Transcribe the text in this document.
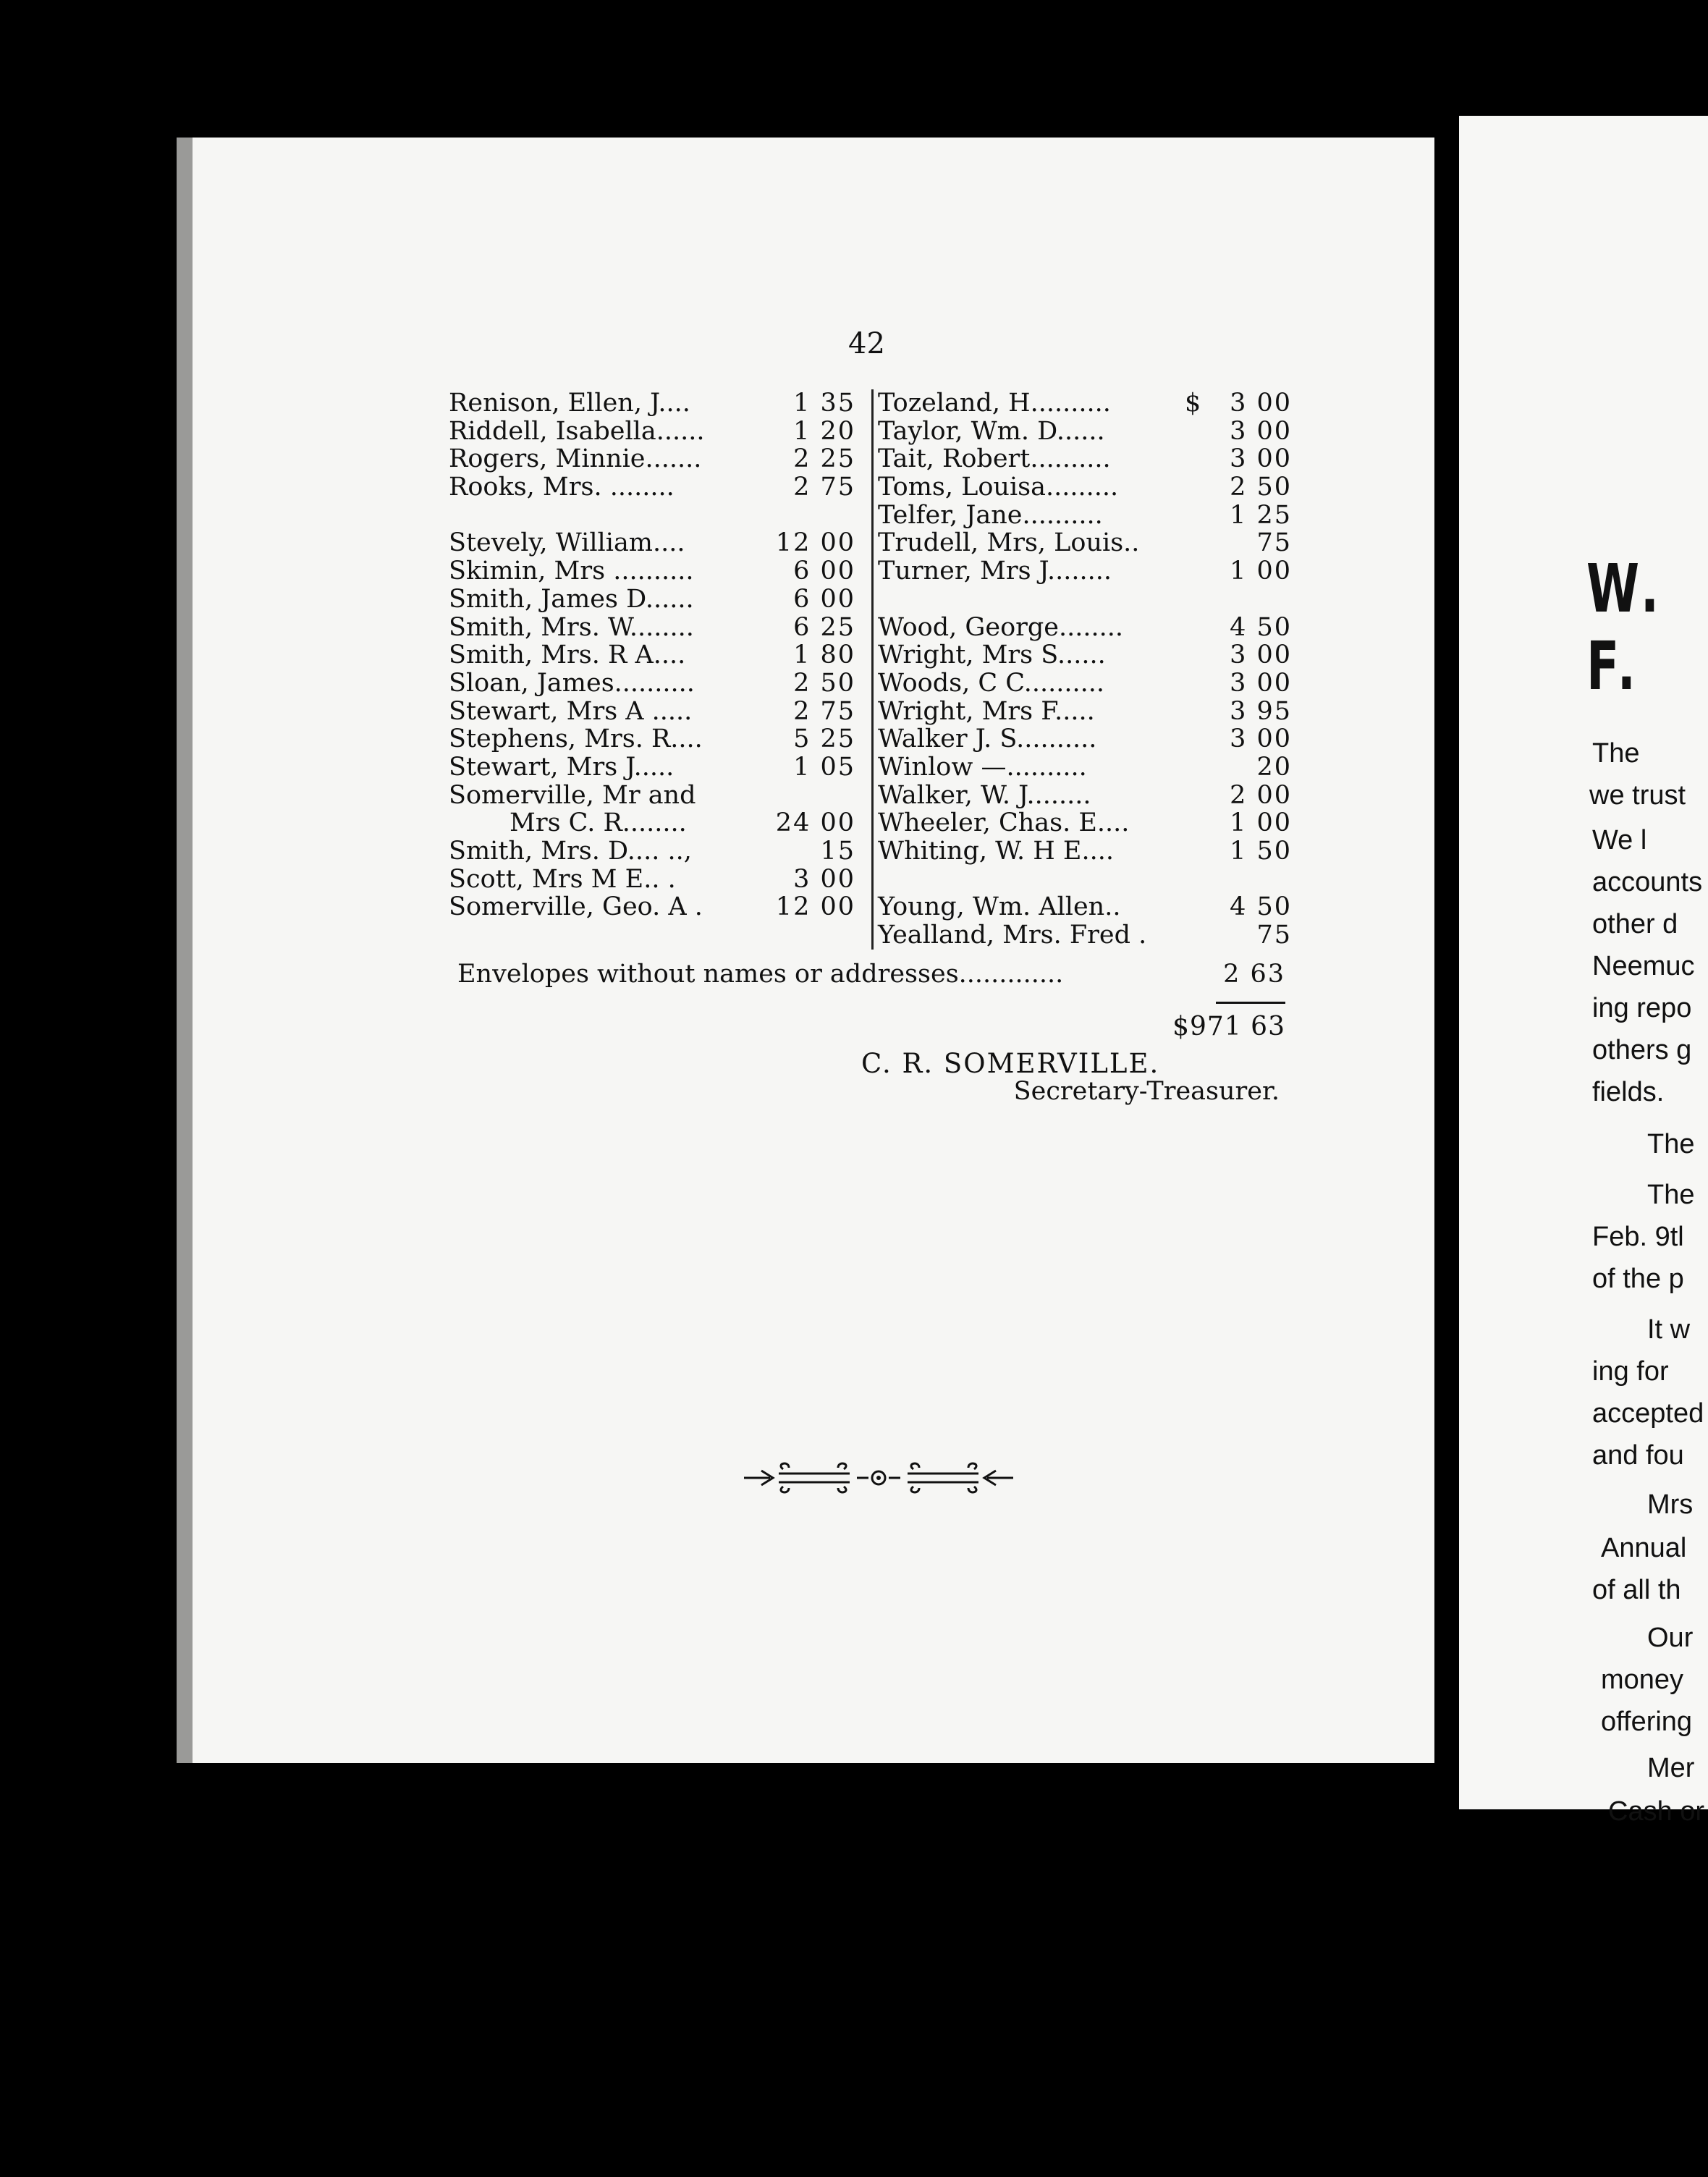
42
Renison, Ellen, J....	1 35
Riddell, Isabella......	1 20
Rogers, Minnie.......	2 25
Rooks, Mrs. ........	2 75
Stevely, William....	12 00
Skimin, Mrs ..........	6 00
Smith, James D......	6 00
Smith, Mrs. W........	6 25
Smith, Mrs. R A....	1 80
Sloan, James..........	2 50
Stewart, Mrs A .....	2 75
Stephens, Mrs. R....	5 25
Stewart, Mrs J.....	1 05
Somerville, Mr and
Mrs C. R........	24 00
Smith, Mrs. D.... ..,	15
Scott, Mrs M E.. .	3 00
Somerville, Geo. A .	12 00
Tozeland, H..........	$ 3 00
Taylor, Wm. D......	3 00
Tait, Robert..........	3 00
Toms, Louisa.........	2 50
Telfer, Jane..........	1 25
Trudell, Mrs, Louis..	75
Turner, Mrs J........	1 00
Wood, George........	4 50
Wright, Mrs S......	3 00
Woods, C C..........	3 00
Wright, Mrs F.....	3 95
Walker J. S..........	3 00
Winlow —..........	20
Walker, W. J........	2 00
Wheeler, Chas. E....	1 00
Whiting, W. H E....	1 50
Young, Wm. Allen..	4 50
Yealland, Mrs. Fred .	75
Envelopes without names or addresses.............	2 63
$971 63
C. R. SOMERVILLE.
Secretary-Treasurer.
W. F.
The
we trust
We l
accounts
other d
Neemuc
ing repo
others g
fields.
The
The
Feb. 9tl
of the p
It w
ing for
accepted
and fou
Mrs
Annual
of all th
Our
money
offering
Mer
Cash or
